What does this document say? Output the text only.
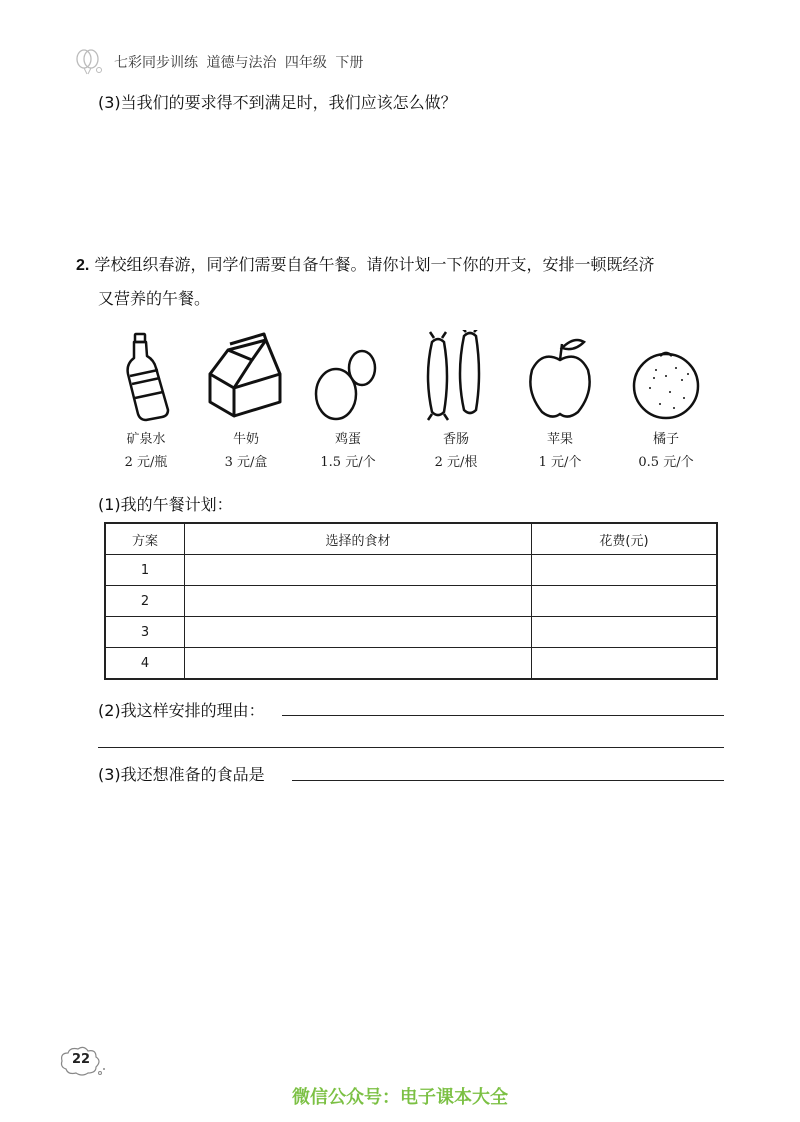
七彩同步训练 道德与法治 四年级 下册
(3)当我们的要求得不到满足时，我们应该怎么做？
2. 学校组织春游，同学们需要自备午餐。请你计划一下你的开支，安排一顿既经济
又营养的午餐。
矿泉水
2 元/瓶
牛奶
3 元/盒
鸡蛋
1.5 元/个
香肠
2 元/根
苹果
1 元/个
橘子
0.5 元/个
(1)我的午餐计划：
方案	选择的食材	花费(元)
1		
2		
3		
4		
(2)我这样安排的理由：
(3)我还想准备的食品是
22
微信公众号：电子课本大全
